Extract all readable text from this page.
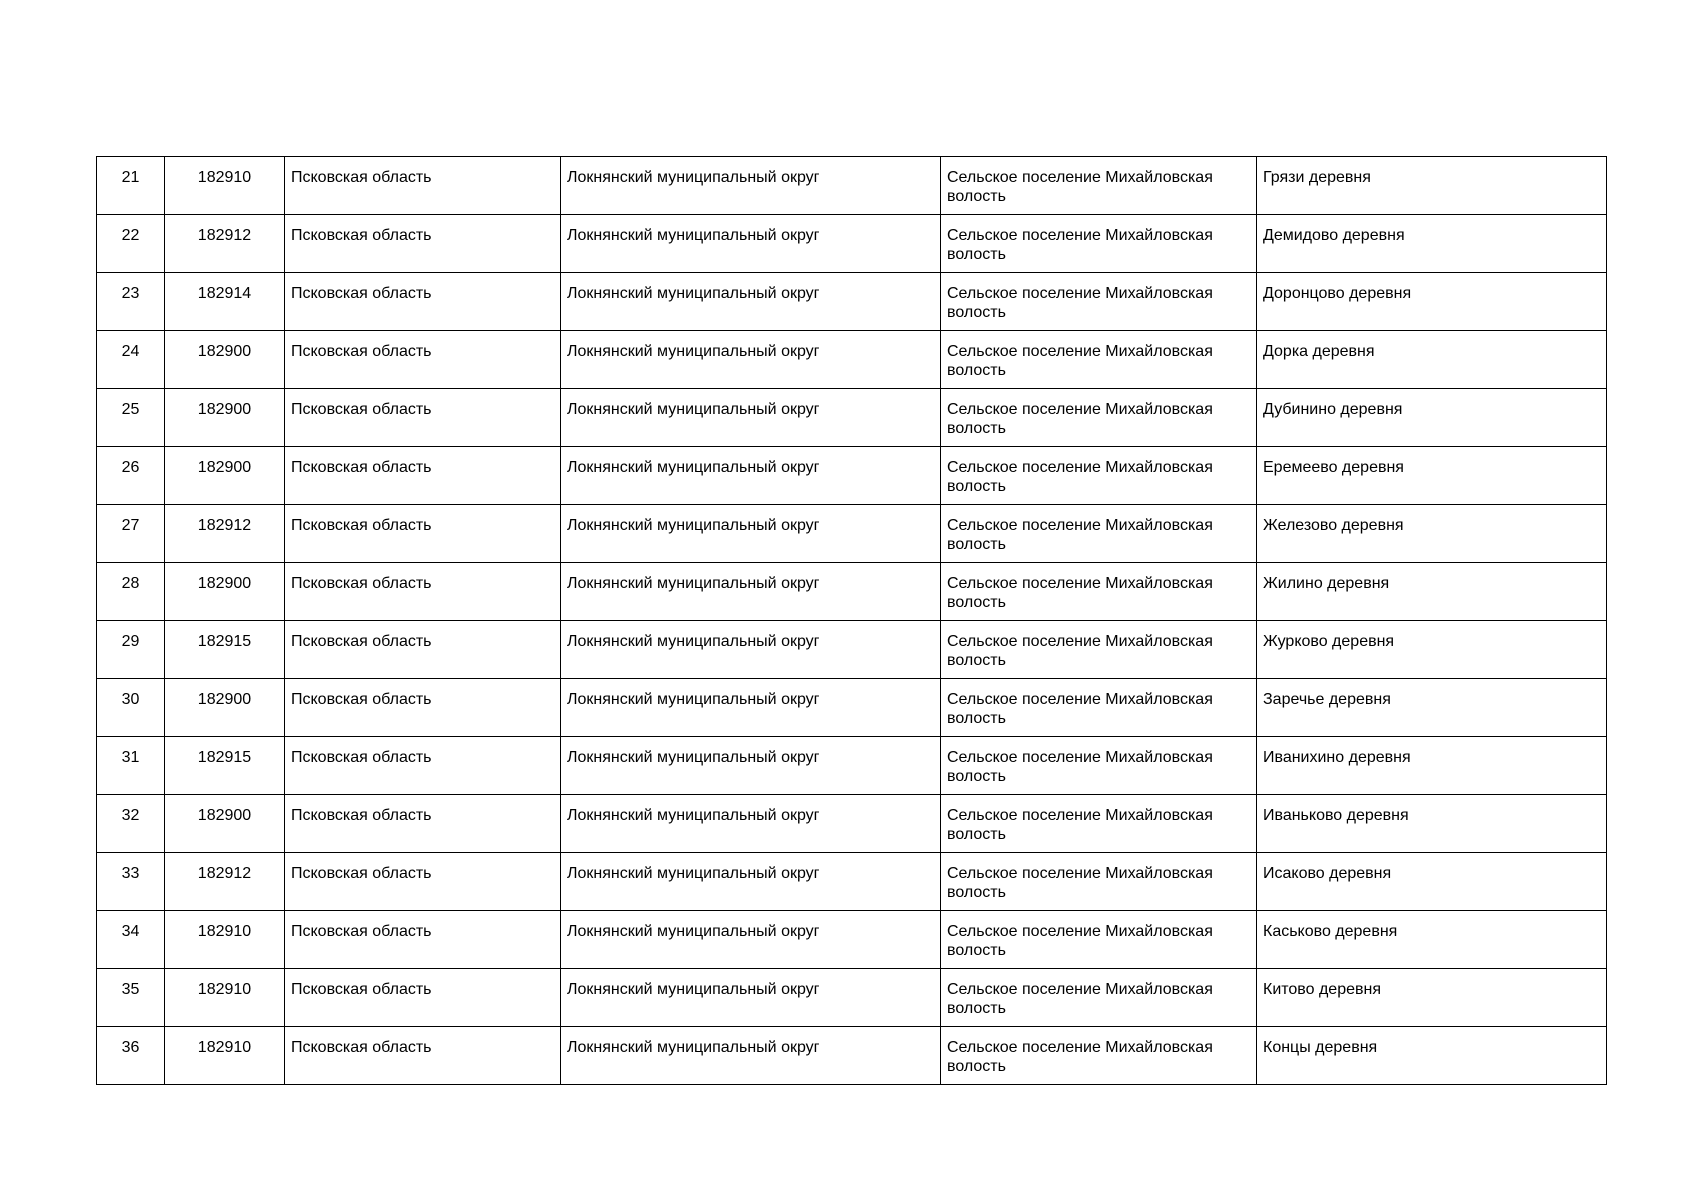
21	182910	Псковская область	Локнянский муниципальный округ	Сельское поселение Михайловская волость	Грязи деревня
22	182912	Псковская область	Локнянский муниципальный округ	Сельское поселение Михайловская волость	Демидово деревня
23	182914	Псковская область	Локнянский муниципальный округ	Сельское поселение Михайловская волость	Доронцово деревня
24	182900	Псковская область	Локнянский муниципальный округ	Сельское поселение Михайловская волость	Дорка деревня
25	182900	Псковская область	Локнянский муниципальный округ	Сельское поселение Михайловская волость	Дубинино деревня
26	182900	Псковская область	Локнянский муниципальный округ	Сельское поселение Михайловская волость	Еремеево деревня
27	182912	Псковская область	Локнянский муниципальный округ	Сельское поселение Михайловская волость	Железово деревня
28	182900	Псковская область	Локнянский муниципальный округ	Сельское поселение Михайловская волость	Жилино деревня
29	182915	Псковская область	Локнянский муниципальный округ	Сельское поселение Михайловская волость	Журково деревня
30	182900	Псковская область	Локнянский муниципальный округ	Сельское поселение Михайловская волость	Заречье деревня
31	182915	Псковская область	Локнянский муниципальный округ	Сельское поселение Михайловская волость	Иванихино деревня
32	182900	Псковская область	Локнянский муниципальный округ	Сельское поселение Михайловская волость	Иваньково деревня
33	182912	Псковская область	Локнянский муниципальный округ	Сельское поселение Михайловская волость	Исаково деревня
34	182910	Псковская область	Локнянский муниципальный округ	Сельское поселение Михайловская волость	Каськово деревня
35	182910	Псковская область	Локнянский муниципальный округ	Сельское поселение Михайловская волость	Китово деревня
36	182910	Псковская область	Локнянский муниципальный округ	Сельское поселение Михайловская волость	Концы деревня
